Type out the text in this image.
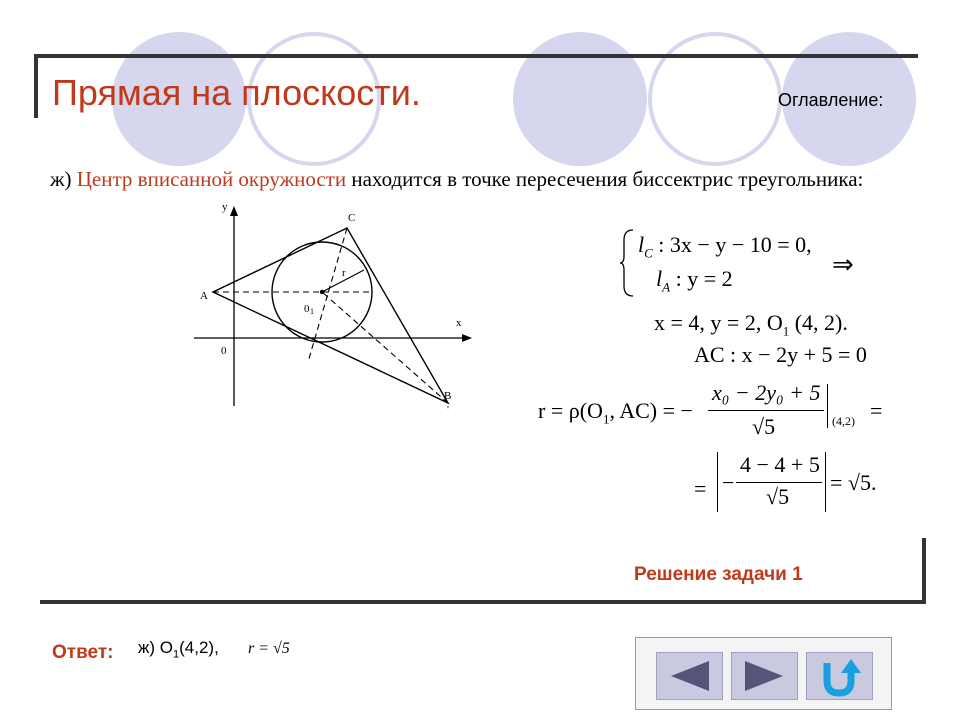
Прямая на плоскости.	Оглавление:
ж) Центр вписанной окружности находится в точке пересечения биссектрис треугольника:
y
x
C
A
B
'
0 1
r
0
$l_C$ : 3x − y − 10 = 0,
⇒
$l_A$ : y = 2
x = 4, y = 2, $O_1$ (4, 2).
AC : x − 2y + 5 = 0
$r = \rho(O_1$, AC) = −
x₀ − 2y₀ + 5
√5	(4,2) =
= −
4 − 4 + 5
√5
= √5.
Решение задачи 1
Ответ: ж) $O_1(4,2)$, r = √5
